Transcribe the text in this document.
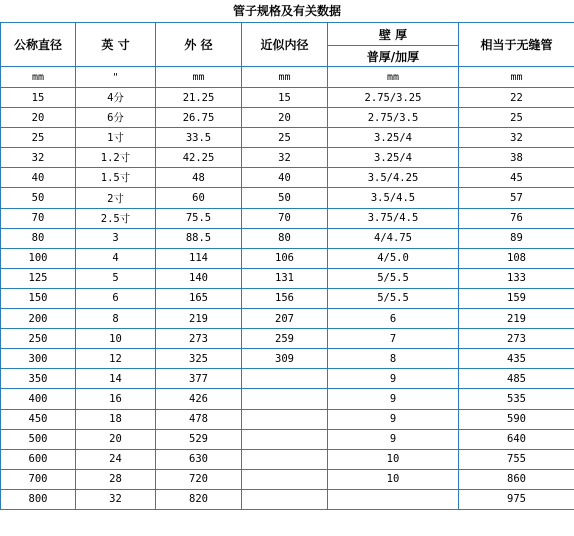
管子规格及有关数据
公称直径	英 寸	外 径	近似内径	壁 厚	相当于无缝管
				普厚/加厚	
mm	"	mm	mm	mm	mm
15	4分	21.25	15	2.75/3.25	22
20	6分	26.75	20	2.75/3.5	25
25	1寸	33.5	25	3.25/4	32
32	1.2寸	42.25	32	3.25/4	38
40	1.5寸	48	40	3.5/4.25	45
50	2寸	60	50	3.5/4.5	57
70	2.5寸	75.5	70	3.75/4.5	76
80	3	88.5	80	4/4.75	89
100	4	114	106	4/5.0	108
125	5	140	131	5/5.5	133
150	6	165	156	5/5.5	159
200	8	219	207	6	219
250	10	273	259	7	273
300	12	325	309	8	435
350	14	377		9	485
400	16	426		9	535
450	18	478		9	590
500	20	529		9	640
600	24	630		10	755
700	28	720		10	860
800	32	820			975
